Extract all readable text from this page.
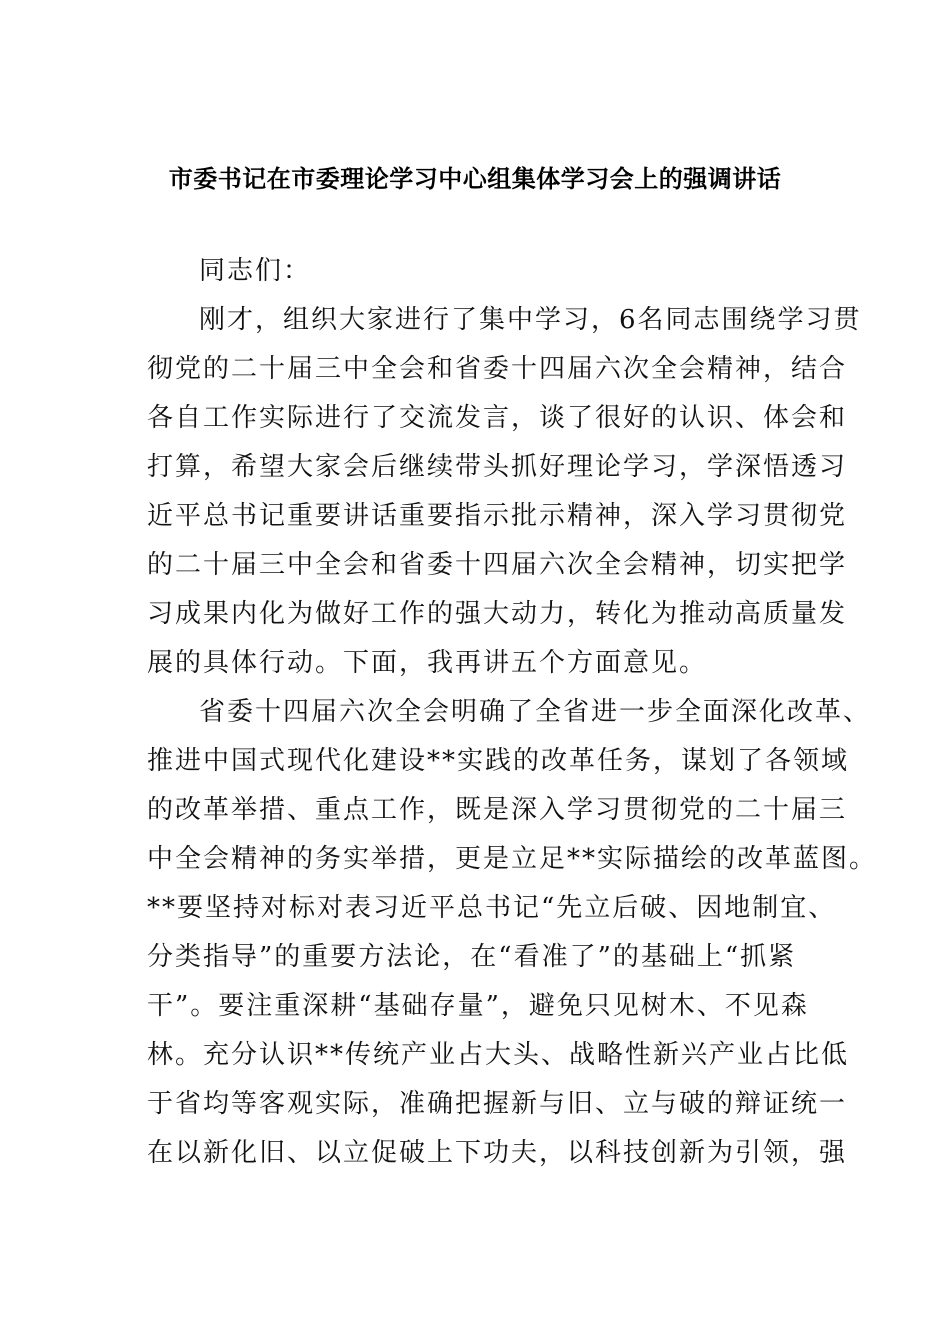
市委书记在市委理论学习中心组集体学习会上的强调讲话
同志们：
刚才，组织大家进行了集中学习，6名同志围绕学习贯
彻党的二十届三中全会和省委十四届六次全会精神，结合
各自工作实际进行了交流发言，谈了很好的认识、体会和
打算，希望大家会后继续带头抓好理论学习，学深悟透习
近平总书记重要讲话重要指示批示精神，深入学习贯彻党
的二十届三中全会和省委十四届六次全会精神，切实把学
习成果内化为做好工作的强大动力，转化为推动高质量发
展的具体行动。下面，我再讲五个方面意见。
省委十四届六次全会明确了全省进一步全面深化改革、
推进中国式现代化建设**实践的改革任务，谋划了各领域
的改革举措、重点工作，既是深入学习贯彻党的二十届三
中全会精神的务实举措，更是立足**实际描绘的改革蓝图。
**要坚持对标对表习近平总书记“先立后破、因地制宜、
分类指导”的重要方法论，在“看准了”的基础上“抓紧
干”。要注重深耕“基础存量”，避免只见树木、不见森
林。充分认识**传统产业占大头、战略性新兴产业占比低
于省均等客观实际，准确把握新与旧、立与破的辩证统一
在以新化旧、以立促破上下功夫，以科技创新为引领，强
